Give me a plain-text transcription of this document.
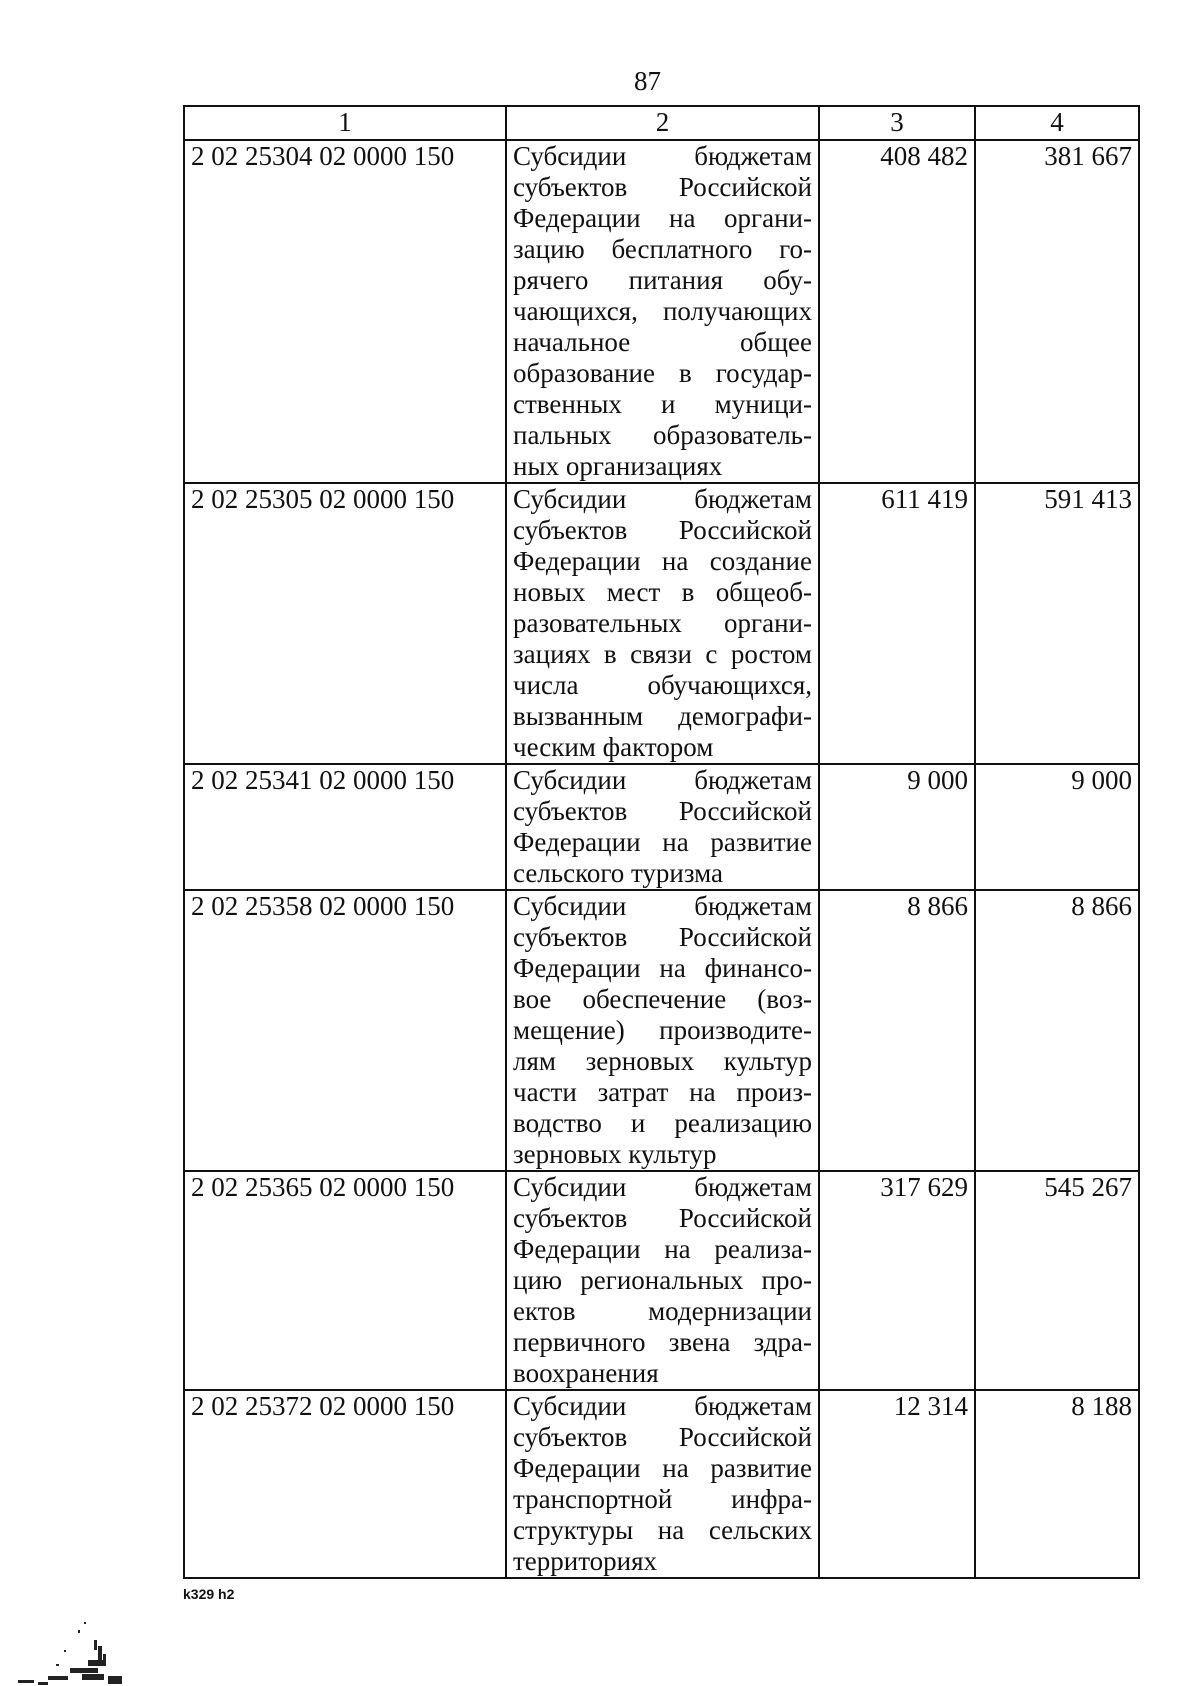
87
1	2	3	4
2 02 25304 02 0000 150	Субсидии бюджетам субъектов Российской Федерации на организацию бесплатного горячего питания обучающихся, получающих начальное общее образование в государственных и муниципальных образовательных организациях	408 482	381 667
2 02 25305 02 0000 150	Субсидии бюджетам субъектов Российской Федерации на создание новых мест в общеобразовательных организациях в связи с ростом числа обучающихся, вызванным демографическим фактором	611 419	591 413
2 02 25341 02 0000 150	Субсидии бюджетам субъектов Российской Федерации на развитие сельского туризма	9 000	9 000
2 02 25358 02 0000 150	Субсидии бюджетам субъектов Российской Федерации на финансовое обеспечение (возмещение) производителям зерновых культур части затрат на производство и реализацию зерновых культур	8 866	8 866
2 02 25365 02 0000 150	Субсидии бюджетам субъектов Российской Федерации на реализацию региональных проектов модернизации первичного звена здравоохранения	317 629	545 267
2 02 25372 02 0000 150	Субсидии бюджетам субъектов Российской Федерации на развитие транспортной инфраструктуры на сельских территориях	12 314	8 188
k329 h2
